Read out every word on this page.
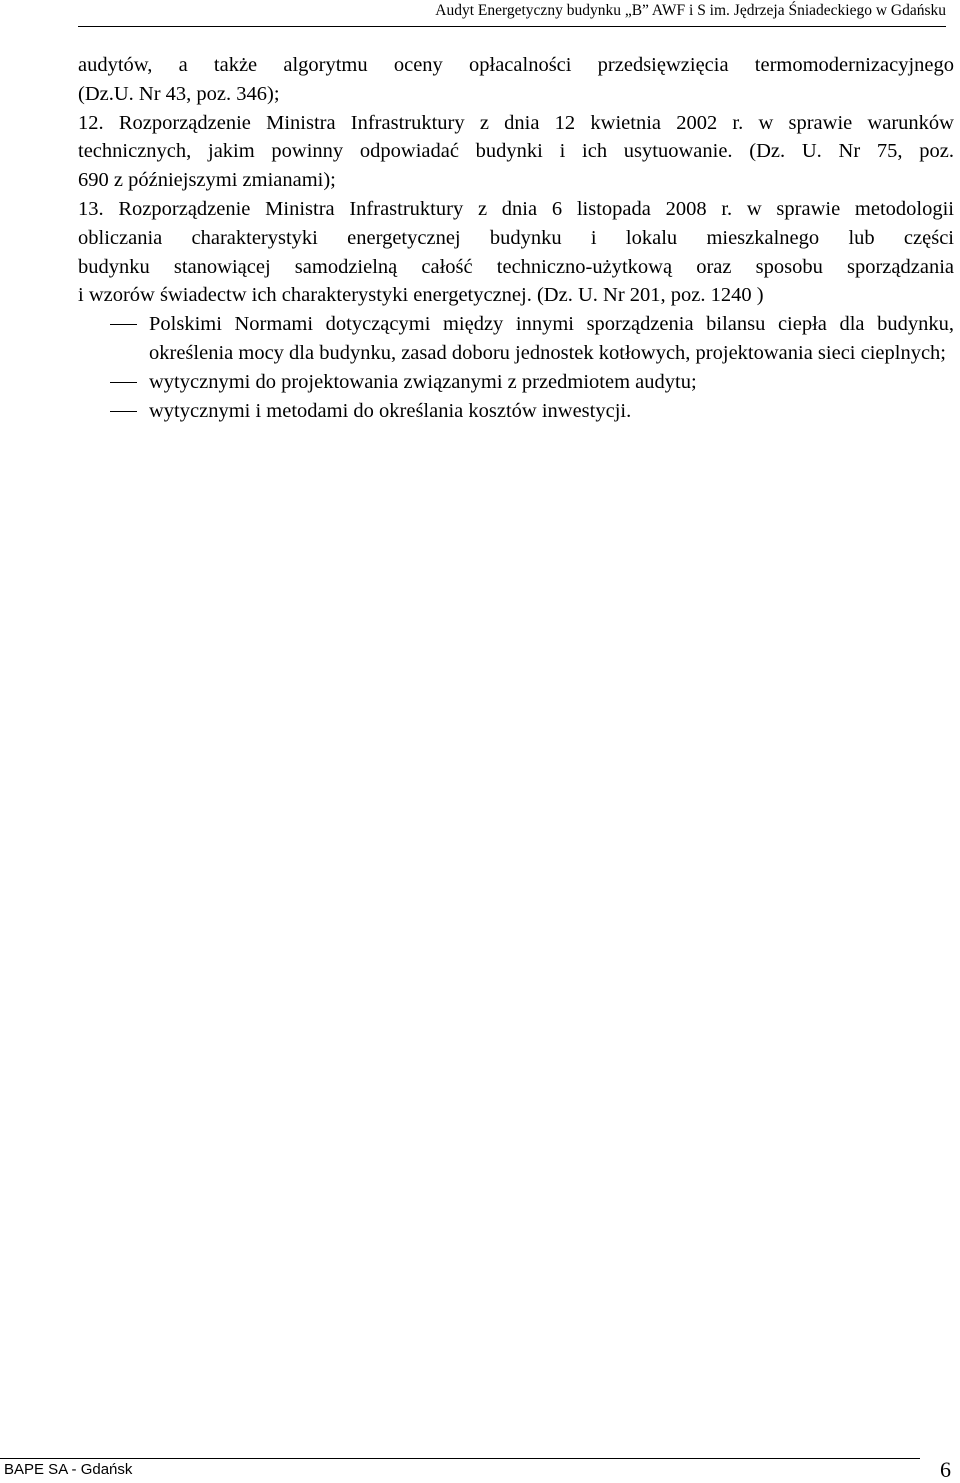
Audyt Energetyczny budynku „B” AWF i S im. Jędrzeja Śniadeckiego w Gdańsku
audytów, a także algorytmu oceny opłacalności przedsięwzięcia termomodernizacyjnego
(Dz.U. Nr 43, poz. 346);
12. Rozporządzenie Ministra Infrastruktury z dnia 12 kwietnia 2002 r. w sprawie warunków
technicznych, jakim powinny odpowiadać budynki i ich usytuowanie. (Dz. U. Nr 75, poz.
690 z późniejszymi zmianami);
13. Rozporządzenie Ministra Infrastruktury z dnia 6 listopada 2008 r. w sprawie metodologii
obliczania charakterystyki energetycznej budynku i lokalu mieszkalnego lub części
budynku stanowiącej samodzielną całość techniczno-użytkową oraz sposobu sporządzania
i wzorów świadectw ich charakterystyki energetycznej. (Dz. U. Nr 201, poz. 1240 )
Polskimi Normami dotyczącymi między innymi sporządzenia bilansu ciepła dla budynku, określenia mocy dla budynku, zasad doboru jednostek kotłowych, projektowania sieci cieplnych;
wytycznymi do projektowania związanymi z przedmiotem audytu;
wytycznymi i metodami do określania kosztów inwestycji.
BAPE SA - Gdańsk	6
